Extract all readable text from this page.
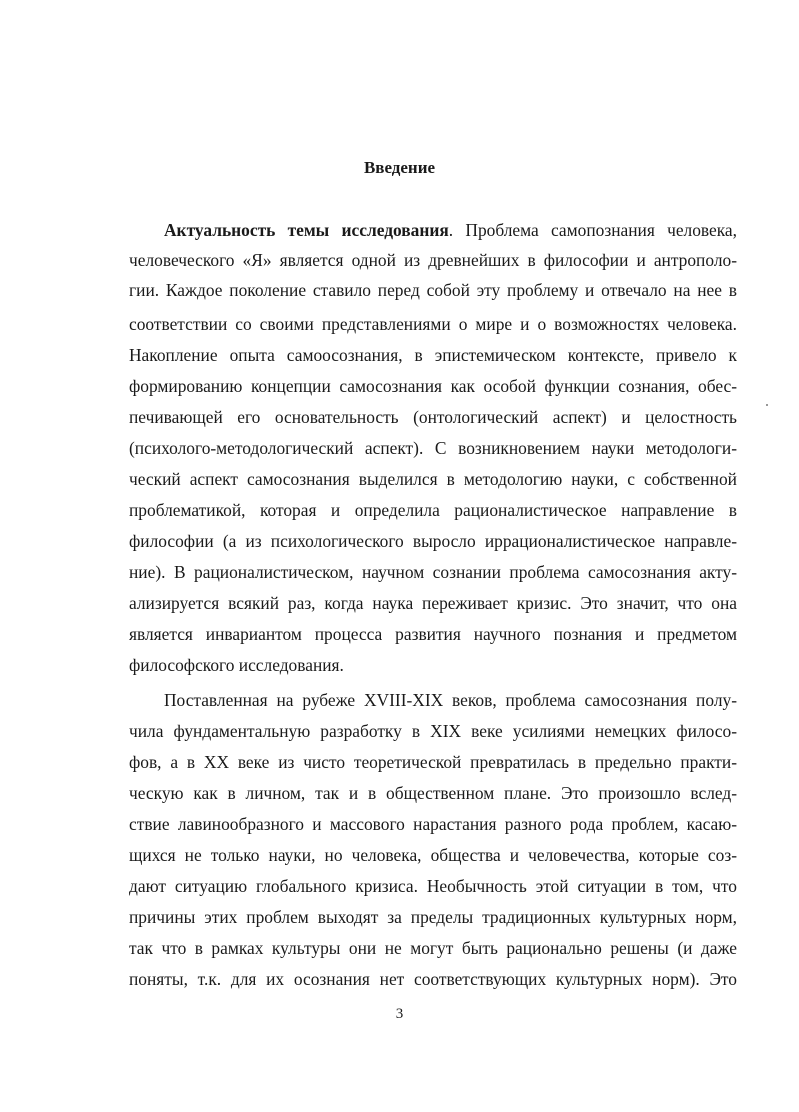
Введение
Актуальность темы исследования. Проблема самопознания человека,
человеческого «Я» является одной из древнейших в философии и антрополо-
гии. Каждое поколение ставило перед собой эту проблему и отвечало на нее в
соответствии со своими представлениями о мире и о возможностях человека.
Накопление опыта самоосознания, в эпистемическом контексте, привело к
формированию концепции самосознания как особой функции сознания, обес-
печивающей его основательность (онтологический аспект) и целостность
(психолого-методологический аспект). С возникновением науки методологи-
ческий аспект самосознания выделился в методологию науки, с собственной
проблематикой, которая и определила рационалистическое направление в
философии (а из психологического выросло иррационалистическое направле-
ние). В рационалистическом, научном сознании проблема самосознания акту-
ализируется всякий раз, когда наука переживает кризис. Это значит, что она
является инвариантом процесса развития научного познания и предметом
философского исследования.
Поставленная на рубеже XVIII-XIX веков, проблема самосознания полу-
чила фундаментальную разработку в XIX веке усилиями немецких филосо-
фов, а в XX веке из чисто теоретической превратилась в предельно практи-
ческую как в личном, так и в общественном плане. Это произошло вслед-
ствие лавинообразного и массового нарастания разного рода проблем, касаю-
щихся не только науки, но человека, общества и человечества, которые соз-
дают ситуацию глобального кризиса. Необычность этой ситуации в том, что
причины этих проблем выходят за пределы традиционных культурных норм,
так что в рамках культуры они не могут быть рационально решены (и даже
поняты, т.к. для их осознания нет соответствующих культурных норм). Это
3
